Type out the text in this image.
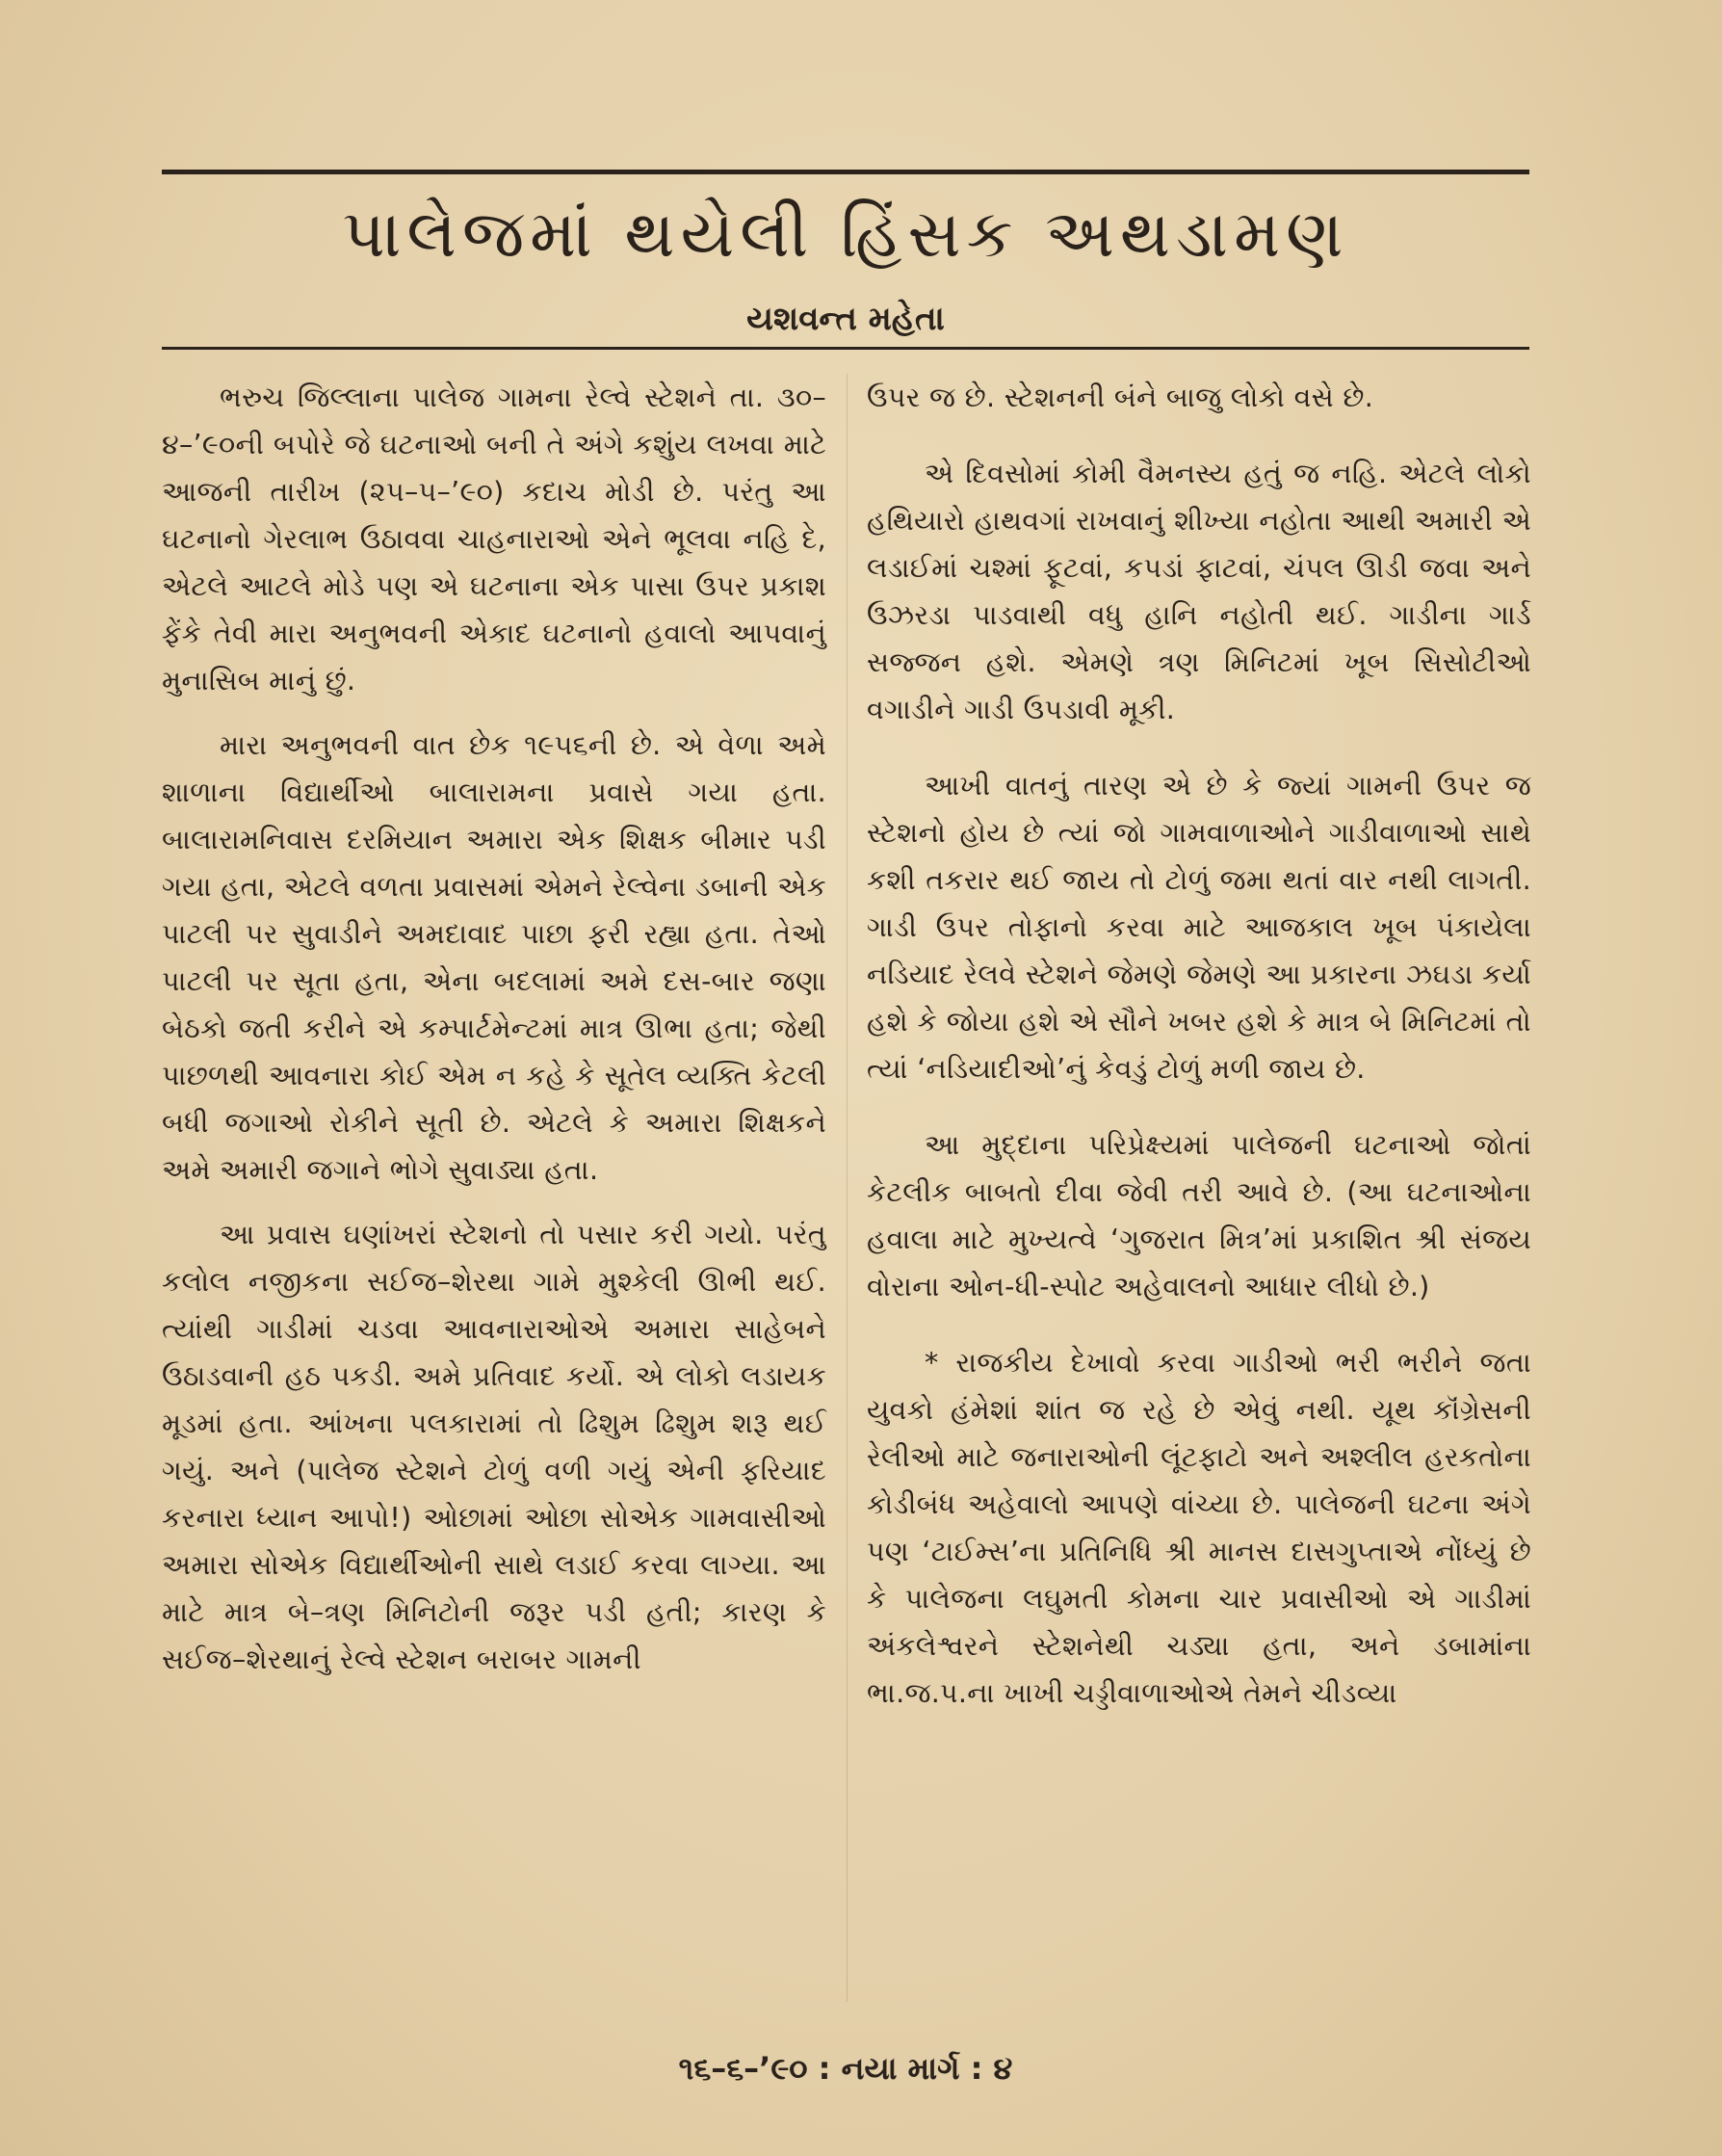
પાલેજમાં થયેલી હિંસક અથડામણ
યશવન્ત મહેતા

ભરુચ જિલ્લાના પાલેજ ગામના રેલ્વે સ્ટેશને તા. ૩૦–૪–’૯૦ની બપોરે જે ઘટનાઓ બની તે અંગે કશુંય લખવા માટે આજની તારીખ (૨૫–૫–’૯૦) કદાચ મોડી છે. પરંતુ આ ઘટનાનો ગેરલાભ ઉઠાવવા ચાહનારાઓ એને ભૂલવા નહિ દે, એટલે આટલે મોડે પણ એ ઘટનાના એક પાસા ઉપર પ્રકાશ ફેંકે તેવી મારા અનુભવની એકાદ ઘટનાનો હવાલો આપવાનું મુનાસિબ માનું છું.

મારા અનુભવની વાત છેક ૧૯૫૬ની છે. એ વેળા અમે શાળાના વિદ્યાર્થીઓ બાલારામના પ્રવાસે ગયા હતા. બાલારામનિવાસ દરમિયાન અમારા એક શિક્ષક બીમાર પડી ગયા હતા, એટલે વળતા પ્રવાસમાં એમને રેલ્વેના ડબાની એક પાટલી પર સુવાડીને અમદાવાદ પાછા ફરી રહ્યા હતા. તેઓ પાટલી પર સૂતા હતા, એના બદલામાં અમે દસ-બાર જણા બેઠકો જતી કરીને એ કમ્પાર્ટમેન્ટમાં માત્ર ઊભા હતા; જેથી પાછળથી આવનારા કોઈ એમ ન કહે કે સૂતેલ વ્યક્તિ કેટલી બધી જગાઓ રોકીને સૂતી છે. એટલે કે અમારા શિક્ષકને અમે અમારી જગાને ભોગે સુવાડ્યા હતા.

આ પ્રવાસ ઘણાંખરાં સ્ટેશનો તો પસાર કરી ગયો. પરંતુ કલોલ નજીકના સઈજ–શેરથા ગામે મુશ્કેલી ઊભી થઈ. ત્યાંથી ગાડીમાં ચડવા આવનારાઓએ અમારા સાહેબને ઉઠાડવાની હઠ પકડી. અમે પ્રતિવાદ કર્યો. એ લોકો લડાયક મૂડમાં હતા. આંખના પલકારામાં તો ઢિશુમ ઢિશુમ શરૂ થઈ ગયું. અને (પાલેજ સ્ટેશને ટોળું વળી ગયું એની ફરિયાદ કરનારા ધ્યાન આપો!) ઓછામાં ઓછા સોએક ગામવાસીઓ અમારા સોએક વિદ્યાર્થીઓની સાથે લડાઈ કરવા લાગ્યા. આ માટે માત્ર બે–ત્રણ મિનિટોની જરૂર પડી હતી; કારણ કે સઈજ–શેરથાનું રેલ્વે સ્ટેશન બરાબર ગામની

ઉપર જ છે. સ્ટેશનની બંને બાજુ લોકો વસે છે.

એ દિવસોમાં કોમી વૈમનસ્ય હતું જ નહિ. એટલે લોકો હથિયારો હાથવગાં રાખવાનું શીખ્યા નહોતા આથી અમારી એ લડાઈમાં ચશ્માં ફૂટવાં, કપડાં ફાટવાં, ચંપલ ઊડી જવા અને ઉઝરડા પાડવાથી વધુ હાનિ નહોતી થઈ. ગાડીના ગાર્ડ સજ્જન હશે. એમણે ત્રણ મિનિટમાં ખૂબ સિસોટીઓ વગાડીને ગાડી ઉપડાવી મૂકી.

આખી વાતનું તારણ એ છે કે જ્યાં ગામની ઉપર જ સ્ટેશનો હોય છે ત્યાં જો ગામવાળાઓને ગાડીવાળાઓ સાથે કશી તકરાર થઈ જાય તો ટોળું જમા થતાં વાર નથી લાગતી. ગાડી ઉપર તોફાનો કરવા માટે આજકાલ ખૂબ પંકાયેલા નડિયાદ રેલવે સ્ટેશને જેમણે જેમણે આ પ્રકારના ઝઘડા કર્યા હશે કે જોયા હશે એ સૌને ખબર હશે કે માત્ર બે મિનિટમાં તો ત્યાં ‘નડિયાદીઓ’નું કેવડું ટોળું મળી જાય છે.

આ મુદ્દાના પરિપ્રેક્ષ્યમાં પાલેજની ઘટનાઓ જોતાં કેટલીક બાબતો દીવા જેવી તરી આવે છે. (આ ઘટનાઓના હવાલા માટે મુખ્યત્વે ‘ગુજરાત મિત્ર’માં પ્રકાશિત શ્રી સંજય વોરાના ઓન-ધી-સ્પોટ અહેવાલનો આધાર લીધો છે.)

* રાજકીય દેખાવો કરવા ગાડીઓ ભરી ભરીને જતા યુવકો હંમેશાં શાંત જ રહે છે એવું નથી. યૂથ કૉંગ્રેસની રેલીઓ માટે જનારાઓની લૂંટફાટો અને અશ્લીલ હરકતોના કોડીબંધ અહેવાલો આપણે વાંચ્યા છે. પાલેજની ઘટના અંગે પણ ‘ટાઈમ્સ’ના પ્રતિનિધિ શ્રી માનસ દાસગુપ્તાએ નોંધ્યું છે કે પાલેજના લઘુમતી કોમના ચાર પ્રવાસીઓ એ ગાડીમાં અંકલેશ્વરને સ્ટેશનેથી ચડ્યા હતા, અને ડબામાંના ભા.જ.પ.ના ખાખી ચડ્ડીવાળાઓએ તેમને ચીડવ્યા

૧૬–૬–’૯૦ : નયા માર્ગ : ૪
